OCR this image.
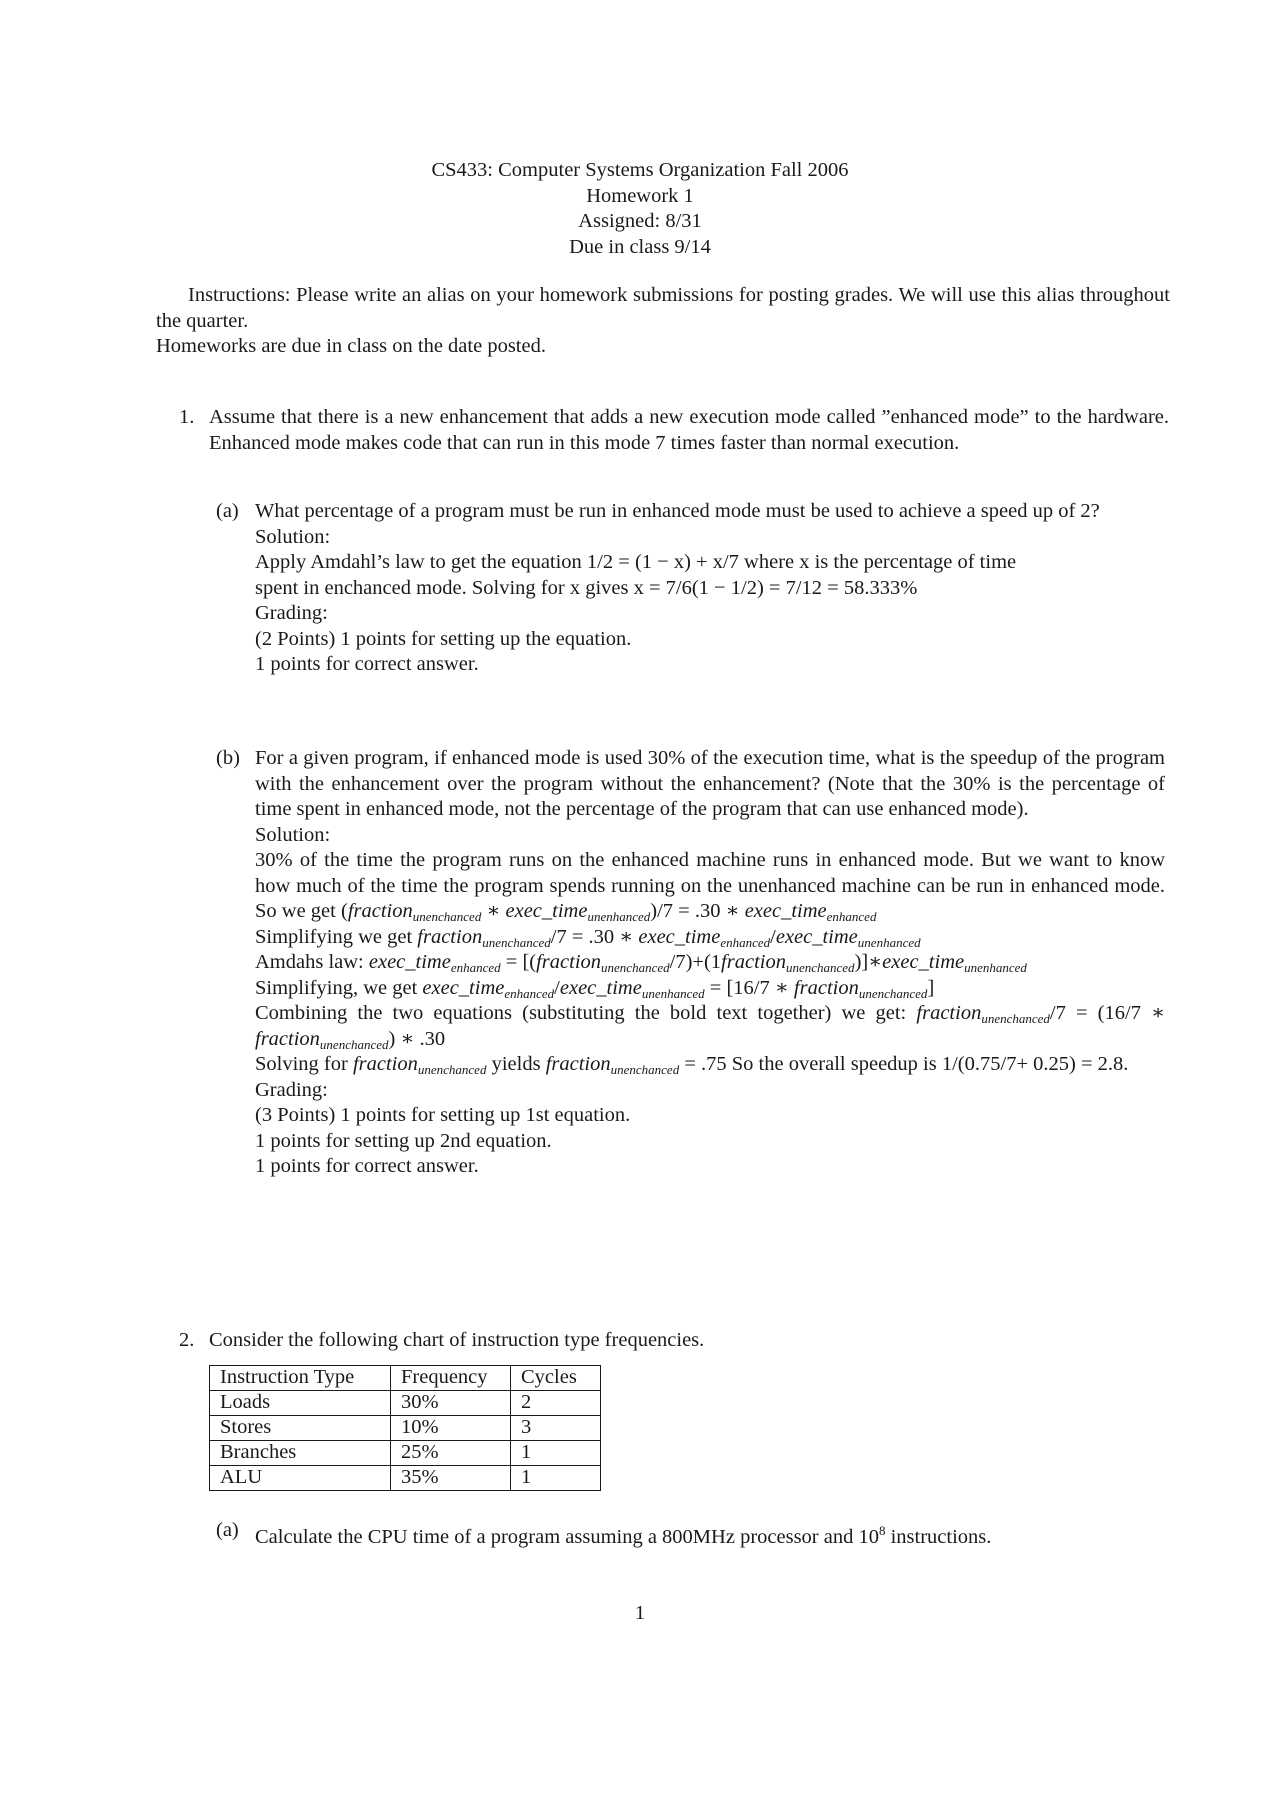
CS433: Computer Systems Organization Fall 2006
Homework 1
Assigned: 8/31
Due in class 9/14
Instructions: Please write an alias on your homework submissions for posting grades. We will use this alias throughout the quarter.
Homeworks are due in class on the date posted.
1. Assume that there is a new enhancement that adds a new execution mode called ”enhanced mode” to the hardware. Enhanced mode makes code that can run in this mode 7 times faster than normal execution.
(a) What percentage of a program must be run in enhanced mode must be used to achieve a speed up of 2?
Solution:
Apply Amdahl’s law to get the equation 1/2 = (1 − x) + x/7 where x is the percentage of time
spent in enchanced mode. Solving for x gives x = 7/6(1 − 1/2) = 7/12 = 58.333%
Grading:
(2 Points) 1 points for setting up the equation.
1 points for correct answer.
(b) For a given program, if enhanced mode is used 30% of the execution time, what is the speedup of the program with the enhancement over the program without the enhancement? (Note that the 30% is the percentage of time spent in enhanced mode, not the percentage of the program that can use enhanced mode).
Solution:
30% of the time the program runs on the enhanced machine runs in enhanced mode. But we want to know how much of the time the program spends running on the unenhanced machine can be run in enhanced mode. So we get (fraction$_{unenchanced}$ ∗ exec_time$_{unenhanced}$)/7 = .30 ∗ exec_time$_{enhanced}$
Simplifying we get fraction$_{unenchanced}$/7 = .30 ∗ exec_time$_{enhanced}$/exec_time$_{unenhanced}$
Amdahs law: exec_time$_{enhanced}$ = [(fraction$_{unenchanced}$/7)+(1fraction$_{unenchanced}$)]∗exec_time$_{unenhanced}$
Simplifying, we get exec_time$_{enhanced}$/exec_time$_{unenhanced}$ = [16/7 ∗ fraction$_{unenchanced}$]
Combining the two equations (substituting the bold text together) we get: fraction$_{unenchanced}$/7 = (16/7 ∗ fraction$_{unenchanced}$) ∗ .30
Solving for fraction$_{unenchanced}$ yields fraction$_{unenchanced}$ = .75 So the overall speedup is 1/(0.75/7+ 0.25) = 2.8.
Grading:
(3 Points) 1 points for setting up 1st equation.
1 points for setting up 2nd equation.
1 points for correct answer.
2. Consider the following chart of instruction type frequencies.
Instruction Type	Frequency	Cycles
Loads	30%	2
Stores	10%	3
Branches	25%	1
ALU	35%	1
(a) Calculate the CPU time of a program assuming a 800MHz processor and $10^8$ instructions.
1
